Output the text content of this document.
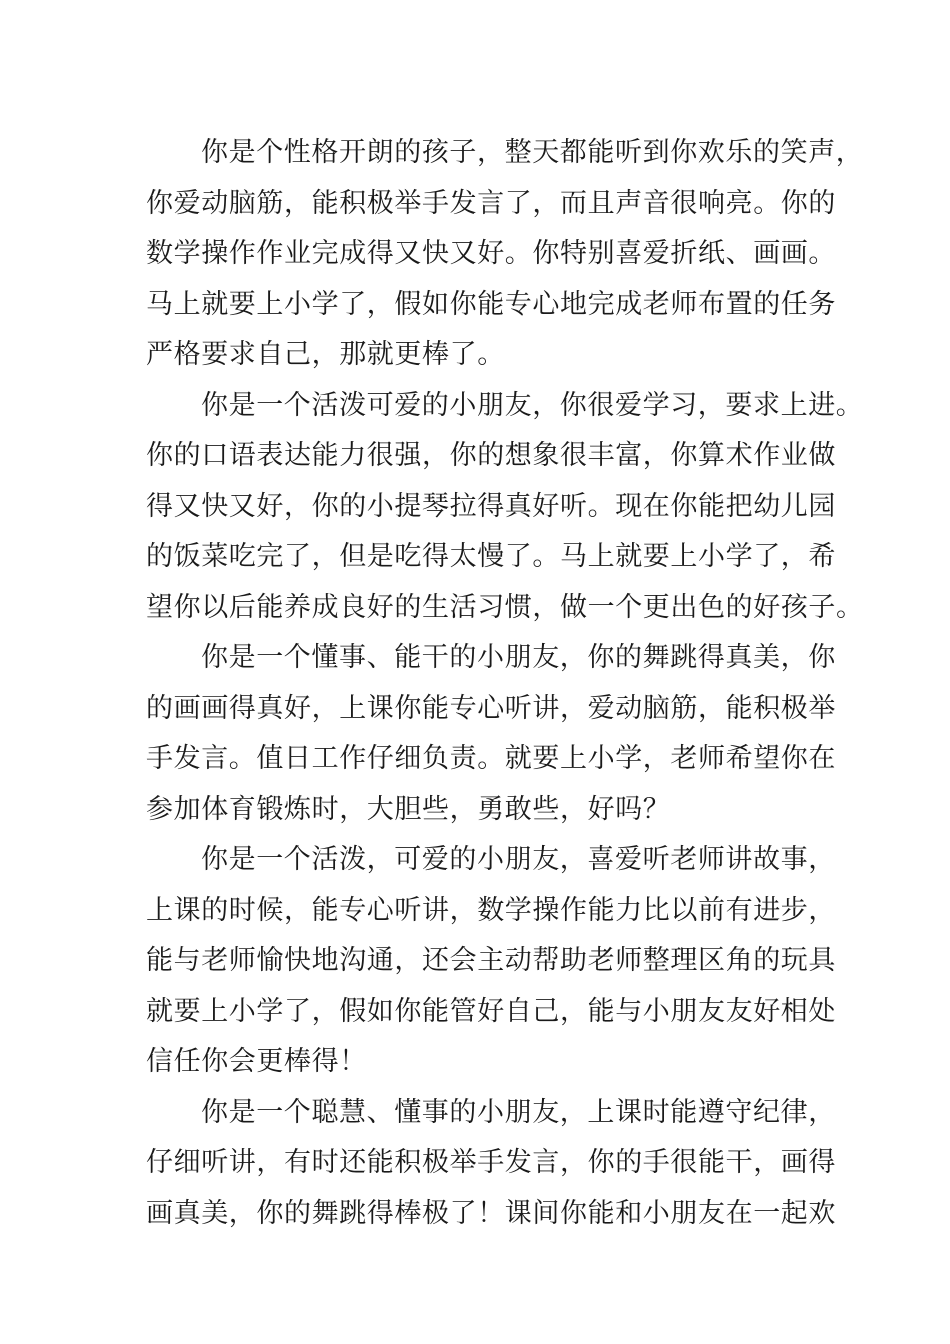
你是个性格开朗的孩子，整天都能听到你欢乐的笑声，
你爱动脑筋，能积极举手发言了，而且声音很响亮。你的
数学操作作业完成得又快又好。你特别喜爱折纸、画画。
马上就要上小学了，假如你能专心地完成老师布置的任务
严格要求自己，那就更棒了。
你是一个活泼可爱的小朋友，你很爱学习，要求上进。
你的口语表达能力很强，你的想象很丰富，你算术作业做
得又快又好，你的小提琴拉得真好听。现在你能把幼儿园
的饭菜吃完了，但是吃得太慢了。马上就要上小学了，希
望你以后能养成良好的生活习惯，做一个更出色的好孩子。
你是一个懂事、能干的小朋友，你的舞跳得真美，你
的画画得真好，上课你能专心听讲，爱动脑筋，能积极举
手发言。值日工作仔细负责。就要上小学，老师希望你在
参加体育锻炼时，大胆些，勇敢些，好吗？
你是一个活泼，可爱的小朋友，喜爱听老师讲故事，
上课的时候，能专心听讲，数学操作能力比以前有进步，
能与老师愉快地沟通，还会主动帮助老师整理区角的玩具
就要上小学了，假如你能管好自己，能与小朋友友好相处
信任你会更棒得！
你是一个聪慧、懂事的小朋友，上课时能遵守纪律，
仔细听讲，有时还能积极举手发言，你的手很能干，画得
画真美，你的舞跳得棒极了！课间你能和小朋友在一起欢
